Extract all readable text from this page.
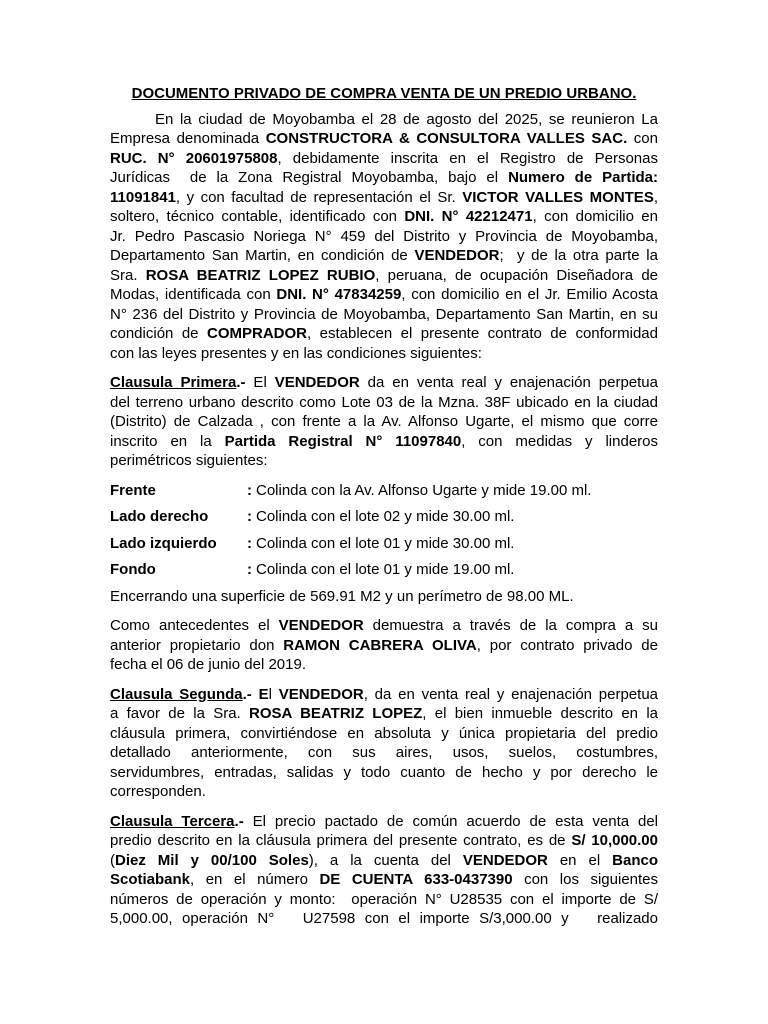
DOCUMENTO PRIVADO DE COMPRA VENTA DE UN PREDIO URBANO.
En la ciudad de Moyobamba el 28 de agosto del 2025, se reunieron La
Empresa denominada CONSTRUCTORA & CONSULTORA VALLES SAC. con
RUC. N° 20601975808, debidamente inscrita en el Registro de Personas
Jurídicas  de la Zona Registral Moyobamba, bajo el Numero de Partida:
11091841, y con facultad de representación el Sr. VICTOR VALLES MONTES,
soltero, técnico contable, identificado con DNI. N° 42212471, con domicilio en
Jr. Pedro Pascasio Noriega N° 459 del Distrito y Provincia de Moyobamba,
Departamento San Martin, en condición de VENDEDOR;  y de la otra parte la
Sra. ROSA BEATRIZ LOPEZ RUBIO, peruana, de ocupación Diseñadora de
Modas, identificada con DNI. N° 47834259, con domicilio en el Jr. Emilio Acosta
N° 236 del Distrito y Provincia de Moyobamba, Departamento San Martin, en su
condición de COMPRADOR, establecen el presente contrato de conformidad
con las leyes presentes y en las condiciones siguientes:
Clausula Primera.- El VENDEDOR da en venta real y enajenación perpetua
del terreno urbano descrito como Lote 03 de la Mzna. 38F ubicado en la ciudad
(Distrito) de Calzada , con frente a la Av. Alfonso Ugarte, el mismo que corre
inscrito en la Partida Registral N° 11097840, con medidas y linderos
perimétricos siguientes:
Frente	: Colinda con la Av. Alfonso Ugarte y mide 19.00 ml.
Lado derecho	: Colinda con el lote 02 y mide 30.00 ml.
Lado izquierdo	: Colinda con el lote 01 y mide 30.00 ml.
Fondo	: Colinda con el lote 01 y mide 19.00 ml.
Encerrando una superficie de 569.91 M2 y un perímetro de 98.00 ML.
Como antecedentes el VENDEDOR demuestra a través de la compra a su
anterior propietario don RAMON CABRERA OLIVA, por contrato privado de
fecha el 06 de junio del 2019.
Clausula Segunda.- El VENDEDOR, da en venta real y enajenación perpetua
a favor de la Sra. ROSA BEATRIZ LOPEZ, el bien inmueble descrito en la
cláusula primera, convirtiéndose en absoluta y única propietaria del predio
detallado anteriormente, con sus aires, usos, suelos, costumbres,
servidumbres, entradas, salidas y todo cuanto de hecho y por derecho le
corresponden.
Clausula Tercera.- El precio pactado de común acuerdo de esta venta del
predio descrito en la cláusula primera del presente contrato, es de S/ 10,000.00
(Diez Mil y 00/100 Soles), a la cuenta del VENDEDOR en el Banco
Scotiabank, en el número DE CUENTA 633-0437390 con los siguientes
números de operación y monto:  operación N° U28535 con el importe de S/
5,000.00, operación N°   U27598 con el importe S/3,000.00 y   realizado
